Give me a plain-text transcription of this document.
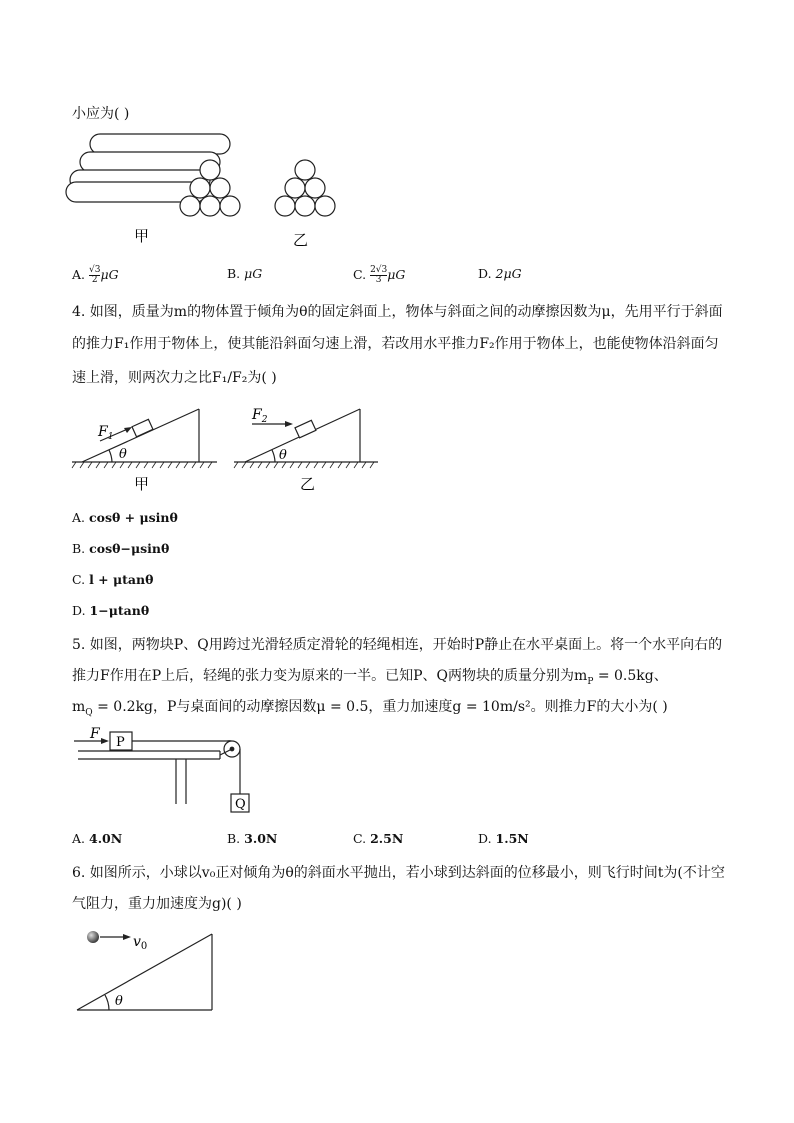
小应为( )
甲	乙
A. $\frac{√3}{2}$ μG	B. μG	C. $\frac{2√3}{3}$ μG	D. 2μG
4. 如图，质量为m的物体置于倾角为θ的固定斜面上，物体与斜面之间的动摩擦因数为μ，先用平行于斜面
的推力F₁作用于物体上，使其能沿斜面匀速上滑，若改用水平推力F₂作用于物体上，也能使物体沿斜面匀
速上滑，则两次力之比F₁/F₂为( )
$F_1$
θ
甲
$F_2$
θ
乙
A. cosθ + μsinθ
B. cosθ−μsinθ
C. l + μtanθ
D. 1−μtanθ
5. 如图，两物块P、Q用跨过光滑轻质定滑轮的轻绳相连，开始时P静止在水平桌面上。将一个水平向右的
推力F作用在P上后，轻绳的张力变为原来的一半。已知P、Q两物块的质量分别为$m_P = 0.5kg$、
$m_Q = 0.2kg$，P与桌面间的动摩擦因数μ = 0.5，重力加速度g = 10m/s²。则推力F的大小为( )
F
P
Q
A. 4.0N	B. 3.0N	C. 2.5N	D. 1.5N
6. 如图所示，小球以v₀正对倾角为θ的斜面水平抛出，若小球到达斜面的位移最小，则飞行时间t为(不计空
气阻力，重力加速度为g)( )
$v_0$
θ
